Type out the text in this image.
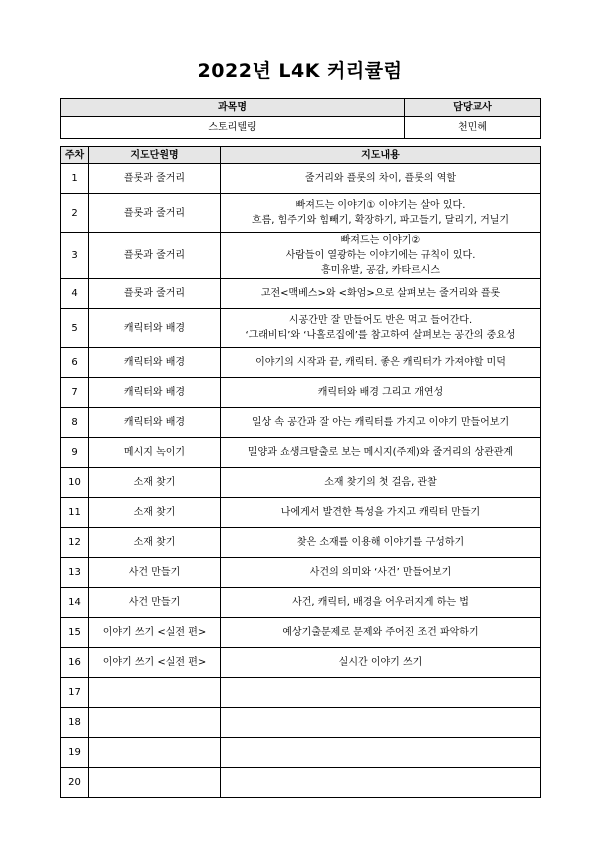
2022년 L4K 커리큘럼
과목명	담당교사
스토리텔링	천민혜
주차	지도단원명	지도내용
1	플롯과 줄거리	줄거리와 플롯의 차이, 플롯의 역할

2	플롯과 줄거리	빠져드는 이야기① 이야기는 살아 있다.
흐름, 힘주기와 힘빼기, 확장하기, 파고들기, 달리기, 거닐기

3	플롯과 줄거리	빠져드는 이야기②
사람들이 열광하는 이야기에는 규칙이 있다.
흥미유발, 공감, 카타르시스

4	플롯과 줄거리	고전<맥베스>와 <화엄>으로 살펴보는 줄거리와 플롯

5	캐릭터와 배경	시공간만 잘 만들어도 반은 먹고 들어간다.
‘그래비티’와 ‘나홀로집에’를 참고하여 살펴보는 공간의 중요성

6	캐릭터와 배경	이야기의 시작과 끝, 캐릭터. 좋은 캐릭터가 가져야할 미덕

7	캐릭터와 배경	캐릭터와 배경 그리고 개연성

8	캐릭터와 배경	일상 속 공간과 잘 아는 캐릭터를 가지고 이야기 만들어보기

9	메시지 녹이기	밀양과 쇼생크탈출로 보는 메시지(주제)와 줄거리의 상관관계

10	소재 찾기	소재 찾기의 첫 걸음, 관찰

11	소재 찾기	나에게서 발견한 특성을 가지고 캐릭터 만들기

12	소재 찾기	찾은 소재를 이용해 이야기를 구성하기

13	사건 만들기	사건의 의미와 ‘사건’ 만들어보기

14	사건 만들기	사건, 캐릭터, 배경을 어우러지게 하는 법

15	이야기 쓰기 <실전 편>	예상기출문제로 문제와 주어진 조건 파악하기

16	이야기 쓰기 <실전 편>	실시간 이야기 쓰기

17		
18		
19		
20		
